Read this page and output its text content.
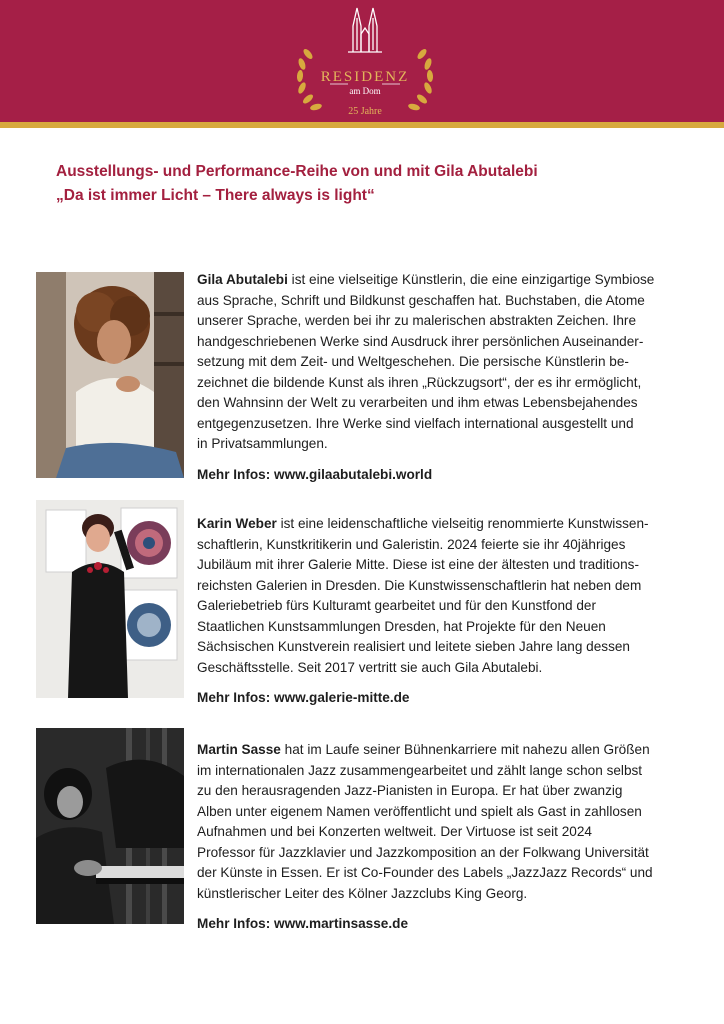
RESIDENZ
am Dom
25 Jahre
Ausstellungs- und Performance-Reihe von und mit Gila Abutalebi
„Da ist immer Licht – There always is light“

Gila Abutalebi ist eine vielseitige Künstlerin, die eine einzigartige Symbiose
aus Sprache, Schrift und Bildkunst geschaffen hat. Buchstaben, die Atome
unserer Sprache, werden bei ihr zu malerischen abstrakten Zeichen. Ihre
handgeschriebenen Werke sind Ausdruck ihrer persönlichen Auseinander-
setzung mit dem Zeit- und Weltgeschehen. Die persische Künstlerin be-
zeichnet die bildende Kunst als ihren „Rückzugsort“, der es ihr ermöglicht,
den Wahnsinn der Welt zu verarbeiten und ihm etwas Lebensbejahendes
entgegenzusetzen. Ihre Werke sind vielfach international ausgestellt und
in Privatsammlungen.

Mehr Infos: www.gilaabutalebi.world

Karin Weber ist eine leidenschaftliche vielseitig renommierte Kunstwissen-
schaftlerin, Kunstkritikerin und Galeristin. 2024 feierte sie ihr 40jähriges
Jubiläum mit ihrer Galerie Mitte. Diese ist eine der ältesten und traditions-
reichsten Galerien in Dresden. Die Kunstwissenschaftlerin hat neben dem
Galeriebetrieb fürs Kulturamt gearbeitet und für den Kunstfond der
Staatlichen Kunstsammlungen Dresden, hat Projekte für den Neuen
Sächsischen Kunstverein realisiert und leitete sieben Jahre lang dessen
Geschäftsstelle. Seit 2017 vertritt sie auch Gila Abutalebi.

Mehr Infos: www.galerie-mitte.de

Martin Sasse hat im Laufe seiner Bühnenkarriere mit nahezu allen Größen
im internationalen Jazz zusammengearbeitet und zählt lange schon selbst
zu den herausragenden Jazz-Pianisten in Europa. Er hat über zwanzig
Alben unter eigenem Namen veröffentlicht und spielt als Gast in zahllosen
Aufnahmen und bei Konzerten weltweit. Der Virtuose ist seit 2024
Professor für Jazzklavier und Jazzkomposition an der Folkwang Universität
der Künste in Essen. Er ist Co-Founder des Labels „JazzJazz Records“ und
künstlerischer Leiter des Kölner Jazzclubs King Georg.

Mehr Infos: www.martinsasse.de
